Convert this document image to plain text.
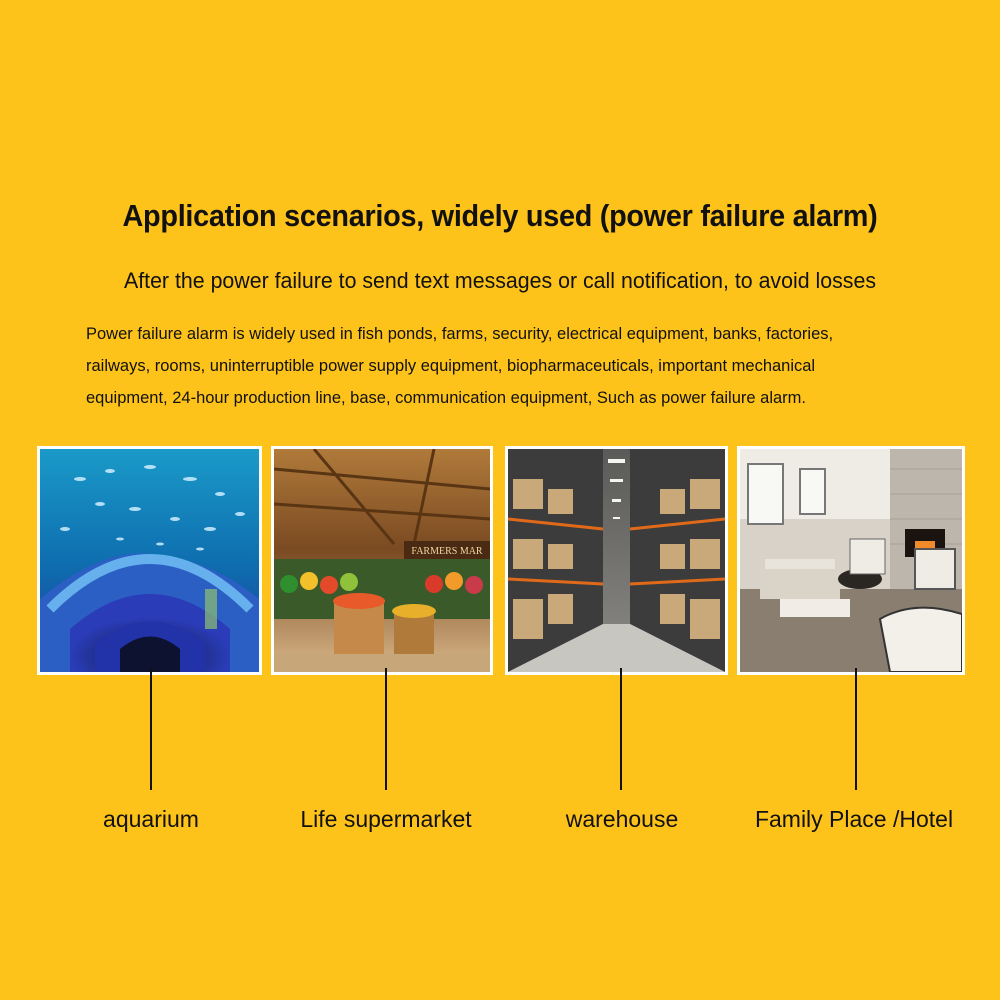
Application scenarios, widely used (power failure alarm)
After the power failure to send text messages or call notification, to avoid losses
Power failure alarm is widely used in fish ponds, farms, security, electrical equipment, banks, factories,
railways, rooms, uninterruptible power supply equipment, biopharmaceuticals, important mechanical
equipment, 24-hour production line, base, communication equipment, Such as power failure alarm.
FARMERS MAR
aquarium	Life supermarket	warehouse	Family Place /Hotel
